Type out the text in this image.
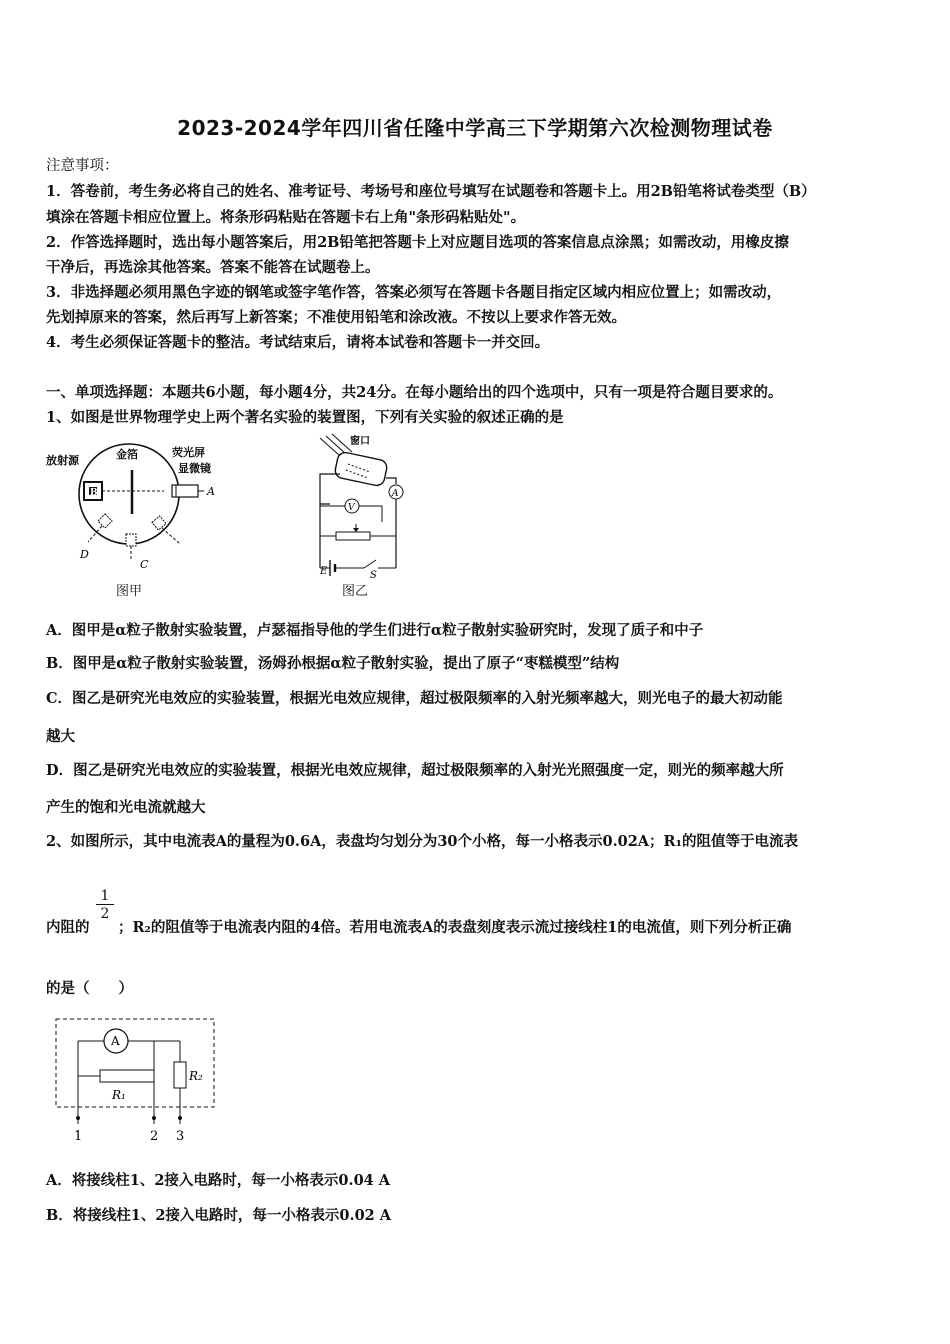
2023-2024学年四川省任隆中学高三下学期第六次检测物理试卷
注意事项：
1．答卷前，考生务必将自己的姓名、准考证号、考场号和座位号填写在试题卷和答题卡上。用2B铅笔将试卷类型（B）
填涂在答题卡相应位置上。将条形码粘贴在答题卡右上角"条形码粘贴处"。
2．作答选择题时，选出每小题答案后，用2B铅笔把答题卡上对应题目选项的答案信息点涂黑；如需改动，用橡皮擦
干净后，再选涂其他答案。答案不能答在试题卷上。
3．非选择题必须用黑色字迹的钢笔或签字笔作答，答案必须写在答题卡各题目指定区域内相应位置上；如需改动，
先划掉原来的答案，然后再写上新答案；不准使用铅笔和涂改液。不按以上要求作答无效。
4．考生必须保证答题卡的整洁。考试结束后，请将本试卷和答题卡一并交回。
一、单项选择题：本题共6小题，每小题4分，共24分。在每小题给出的四个选项中，只有一项是符合题目要求的。
1、如图是世界物理学史上两个著名实验的装置图，下列有关实验的叙述正确的是
放射源	金箔	荧光屏
显微镜
A
B
C
D
图甲
窗口
V
A
E	S
图乙
A．图甲是α粒子散射实验装置，卢瑟福指导他的学生们进行α粒子散射实验研究时，发现了质子和中子
B．图甲是α粒子散射实验装置，汤姆孙根据α粒子散射实验，提出了原子“枣糕模型”结构
C．图乙是研究光电效应的实验装置，根据光电效应规律，超过极限频率的入射光频率越大，则光电子的最大初动能
越大
D．图乙是研究光电效应的实验装置，根据光电效应规律，超过极限频率的入射光光照强度一定，则光的频率越大所
产生的饱和光电流就越大
2、如图所示，其中电流表A的量程为0.6A，表盘均匀划分为30个小格，每一小格表示0.02A；R₁的阻值等于电流表
内阻的
$\frac{1}{2}$
；R₂的阻值等于电流表内阻的4倍。若用电流表A的表盘刻度表示流过接线柱1的电流值，则下列分析正确
的是（　　）
A
R₁
R₂
1	2 3
A．将接线柱1、2接入电路时，每一小格表示0.04 A
B．将接线柱1、2接入电路时，每一小格表示0.02 A
